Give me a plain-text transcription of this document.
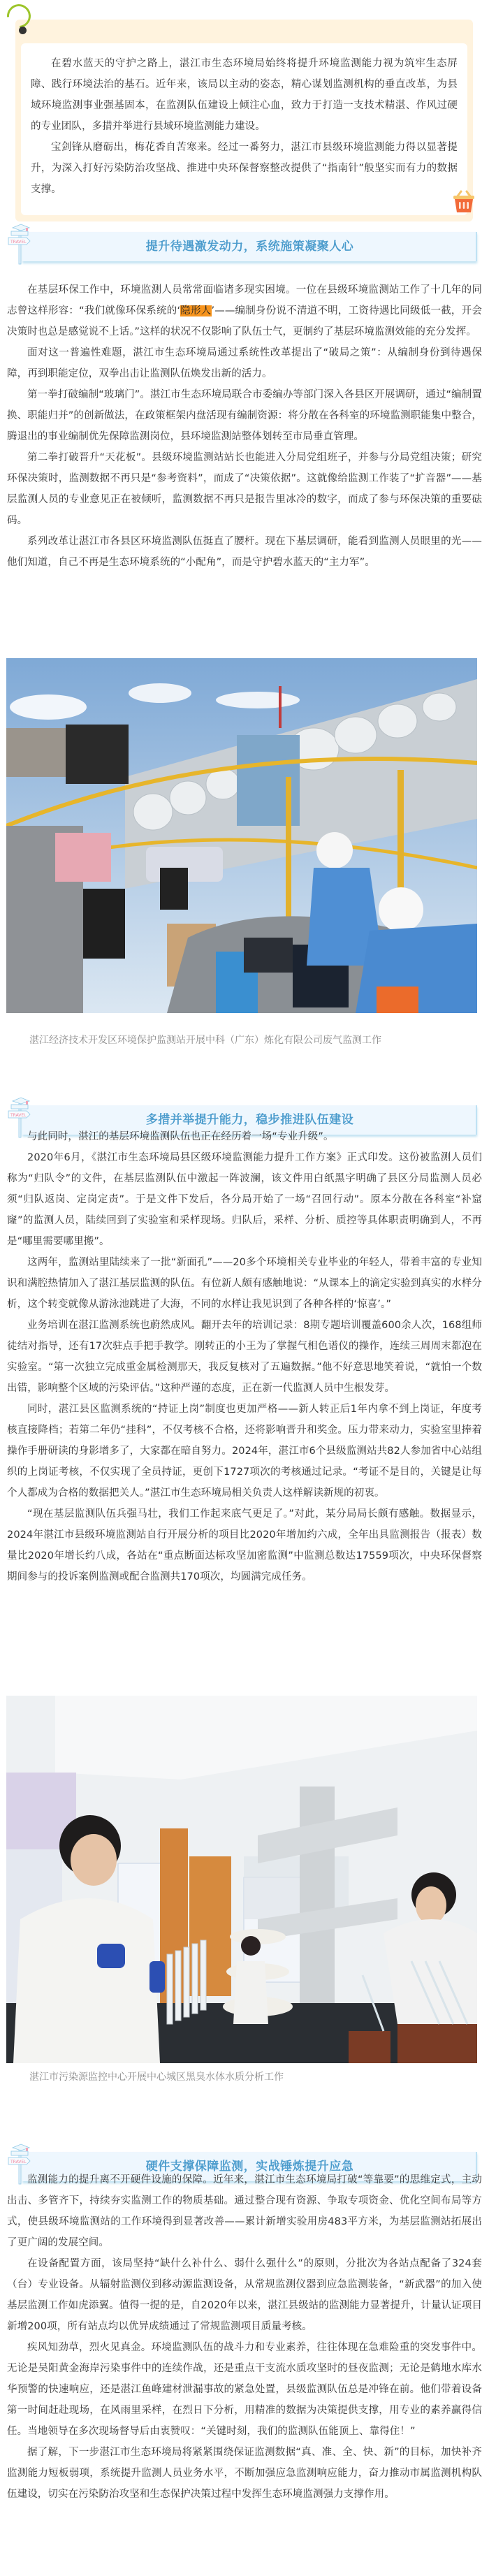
在碧水蓝天的守护之路上，湛江市生态环境局始终将提升环境监测能力视为筑牢生态屏障、践行环境法治的基石。近年来，该局以主动的姿态，精心谋划监测机构的垂直改革，为县域环境监测事业强基固本，在监测队伍建设上倾注心血，致力于打造一支技术精湛、作风过硬的专业团队，多措并举进行县域环境监测能力建设。

宝剑锋从磨砺出，梅花香自苦寒来。经过一番努力，湛江市县级环境监测能力得以显著提升，为深入打好污染防治攻坚战、推进中央环保督察整改提供了“指南针”般坚实而有力的数据支撑。

提升待遇激发动力，系统施策凝聚人心
TRAVEL

在基层环保工作中，环境监测人员常常面临诸多现实困境。一位在县级环境监测站工作了十几年的同志曾这样形容：“我们就像环保系统的‘隐形人’——编制身份说不清道不明，工资待遇比同级低一截，开会决策时也总是感觉说不上话。”这样的状况不仅影响了队伍士气，更制约了基层环境监测效能的充分发挥。

面对这一普遍性难题，湛江市生态环境局通过系统性改革提出了“破局之策”：从编制身份到待遇保障，再到职能定位，双拳出击让监测队伍焕发出新的活力。

第一拳打破编制“玻璃门”。湛江市生态环境局联合市委编办等部门深入各县区开展调研，通过“编制置换、职能归并”的创新做法，在政策框架内盘活现有编制资源：将分散在各科室的环境监测职能集中整合，腾退出的事业编制优先保障监测岗位，县环境监测站整体划转至市局垂直管理。

第二拳打破晋升“天花板”。县级环境监测站站长也能进入分局党组班子，并参与分局党组决策；研究环保决策时，监测数据不再只是“参考资料”，而成了“决策依据”。这就像给监测工作装了“扩音器”——基层监测人员的专业意见正在被倾听，监测数据不再只是报告里冰冷的数字，而成了参与环保决策的重要砝码。

系列改革让湛江市各县区环境监测队伍挺直了腰杆。现在下基层调研，能看到监测人员眼里的光——他们知道，自己不再是生态环境系统的“小配角”，而是守护碧水蓝天的“主力军”。

湛江经济技术开发区环境保护监测站开展中科（广东）炼化有限公司废气监测工作
多措并举提升能力，稳步推进队伍建设
TRAVEL

与此同时，湛江的基层环境监测队伍也正在经历着一场“专业升级”。

2020年6月，《湛江市生态环境局县区级环境监测能力提升工作方案》正式印发。这份被监测人员们称为“归队令”的文件，在基层监测队伍中激起一阵波澜，该文件用白纸黑字明确了县区分局监测人员必须“归队返岗、定岗定责”。于是文件下发后，各分局开始了一场“召回行动”。原本分散在各科室“补窟窿”的监测人员，陆续回到了实验室和采样现场。归队后，采样、分析、质控等具体职责明确到人，不再是“哪里需要哪里搬”。

这两年，监测站里陆续来了一批“新面孔”——20多个环境相关专业毕业的年轻人，带着丰富的专业知识和满腔热情加入了湛江基层监测的队伍。有位新人颇有感触地说：“从课本上的滴定实验到真实的水样分析，这个转变就像从游泳池跳进了大海，不同的水样让我见识到了各种各样的‘惊喜’。”

业务培训在湛江监测系统也蔚然成风。翻开去年的培训记录：8期专题培训覆盖600余人次，168组师徒结对指导，还有17次驻点手把手教学。刚转正的小王为了掌握气相色谱仪的操作，连续三周周末都泡在实验室。“第一次独立完成重金属检测那天，我反复核对了五遍数据。”他不好意思地笑着说，“就怕一个数出错，影响整个区域的污染评估。”这种严谨的态度，正在新一代监测人员中生根发芽。

同时，湛江县区监测系统的“持证上岗”制度也更加严格——新人转正后1年内拿不到上岗证，年度考核直接降档；若第二年仍“挂科”，不仅考核不合格，还将影响晋升和奖金。压力带来动力，实验室里捧着操作手册研读的身影增多了，大家都在暗自努力。2024年，湛江市6个县级监测站共82人参加省中心站组织的上岗证考核，不仅实现了全员持证，更创下1727项次的考核通过记录。“考证不是目的，关键是让每个人都成为合格的数据把关人。”湛江市生态环境局相关负责人这样解读新规的初衷。

“现在基层监测队伍兵强马壮，我们工作起来底气更足了。”对此，某分局局长颇有感触。数据显示，2024年湛江市县级环境监测站自行开展分析的项目比2020年增加约六成，全年出具监测报告（报表）数量比2020年增长约八成，各站在“重点断面达标攻坚加密监测”中监测总数达17559项次，中央环保督察期间参与的投诉案例监测或配合监测共170项次，均圆满完成任务。

湛江市污染源监控中心开展中心城区黑臭水体水质分析工作
硬件支撑保障监测，实战锤炼提升应急
TRAVEL

监测能力的提升离不开硬件设施的保障。近年来，湛江市生态环境局打破“等靠要”的思维定式，主动出击、多管齐下，持续夯实监测工作的物质基础。通过整合现有资源、争取专项资金、优化空间布局等方式，使县级环境监测站的工作环境得到显著改善——累计新增实验用房483平方米，为基层监测站拓展出了更广阔的发展空间。

在设备配置方面，该局坚持“缺什么补什么、弱什么强什么”的原则，分批次为各站点配备了324套（台）专业设备。从辐射监测仪到移动源监测设备，从常规监测仪器到应急监测装备，“新武器”的加入使基层监测工作如虎添翼。值得一提的是，自2020年以来，湛江县级站的监测能力显著提升，计量认证项目新增200项，所有站点均以优异成绩通过了常规监测项目质量考核。

疾风知劲草，烈火见真金。环境监测队伍的战斗力和专业素养，往往体现在急难险重的突发事件中。无论是吴阳黄金海岸污染事件中的连续作战，还是重点干支流水质攻坚时的昼夜监测；无论是鹤地水库水华预警的快速响应，还是湛江鱼峰建材泄漏事故的紧急处置，县级监测队伍总是冲锋在前。他们带着设备第一时间赶赴现场，在风雨里采样，在烈日下分析，用精准的数据为决策提供支撑，用专业的素养赢得信任。当地领导在多次现场督导后由衷赞叹：“关键时刻，我们的监测队伍能顶上、靠得住！”

据了解，下一步湛江市生态环境局将紧紧围绕保证监测数据“真、准、全、快、新”的目标，加快补齐监测能力短板弱项，系统提升监测人员业务水平，不断加强应急监测响应能力，奋力推动市属监测机构队伍建设，切实在污染防治攻坚和生态保护决策过程中发挥生态环境监测强力支撑作用。
